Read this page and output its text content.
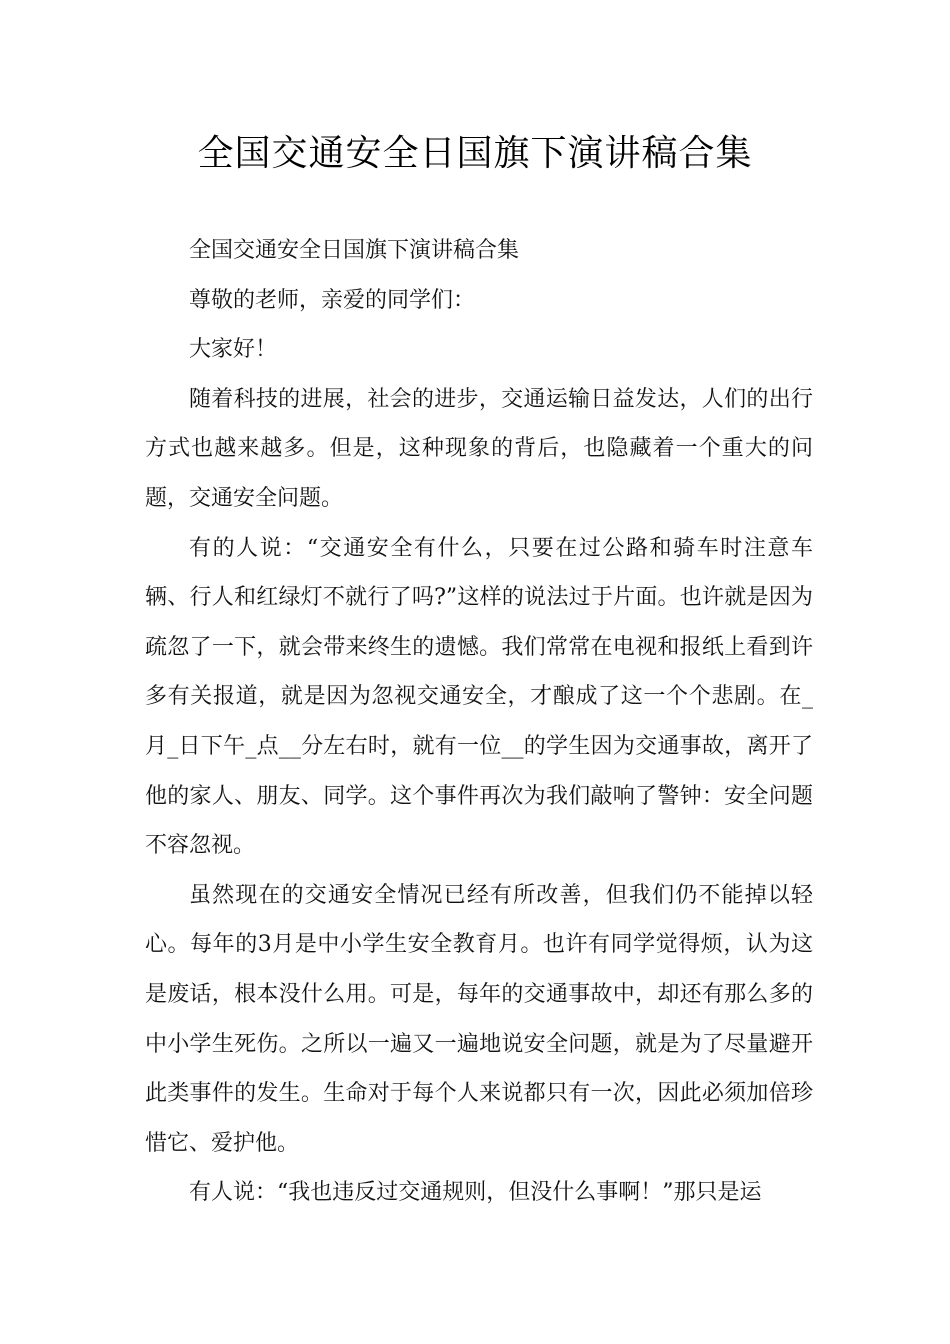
全国交通安全日国旗下演讲稿合集

全国交通安全日国旗下演讲稿合集

尊敬的老师，亲爱的同学们：

大家好！

随着科技的进展，社会的进步，交通运输日益发达，人们的出行方式也越来越多。但是，这种现象的背后，也隐藏着一个重大的问题，交通安全问题。

有的人说：“交通安全有什么，只要在过公路和骑车时注意车辆、行人和红绿灯不就行了吗?”这样的说法过于片面。也许就是因为疏忽了一下，就会带来终生的遗憾。我们常常在电视和报纸上看到许多有关报道，就是因为忽视交通安全，才酿成了这一个个悲剧。在_月_日下午_点__分左右时，就有一位__的学生因为交通事故，离开了他的家人、朋友、同学。这个事件再次为我们敲响了警钟：安全问题不容忽视。

虽然现在的交通安全情况已经有所改善，但我们仍不能掉以轻心。每年的3月是中小学生安全教育月。也许有同学觉得烦，认为这是废话，根本没什么用。可是，每年的交通事故中，却还有那么多的中小学生死伤。之所以一遍又一遍地说安全问题，就是为了尽量避开此类事件的发生。生命对于每个人来说都只有一次，因此必须加倍珍惜它、爱护他。

有人说：“我也违反过交通规则，但没什么事啊！”那只是运
